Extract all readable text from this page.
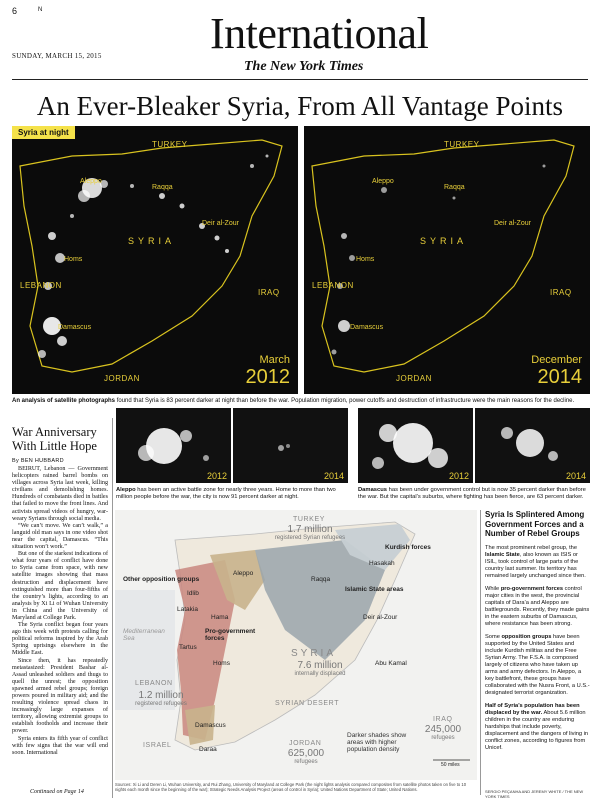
6	N	International
SUNDAY, MARCH 15, 2015
The New York Times
An Ever-Bleaker Syria, From All Vantage Points
Syria at night
TURKEY
Aleppo
Raqqa
Deir al-Zour
SYRIA
Homs
LEBANON
IRAQ
Damascus
JORDAN
March
2012
TURKEY
Aleppo
Raqqa
Deir al-Zour
SYRIA
Homs
LEBANON
IRAQ
Damascus
JORDAN
December
2014
An analysis of satellite photographs found that Syria is 83 percent darker at night than before the war. Population migration, power cutoffs and destruction of infrastructure were the main reasons for the decline.
War Anniversary With Little Hope
By BEN HUBBARD

BEIRUT, Lebanon — Government helicopters rained barrel bombs on villages across Syria last week, killing civilians and demolishing homes. Hundreds of combatants died in battles that failed to move the front lines. And activists spread videos of hungry, war-weary Syrians through social media.

“We can’t move. We can’t walk,” a languid old man says in one video shot near the capital, Damascus. “This situation won’t work.”

But one of the starkest indications of what four years of conflict have done to Syria came from space, with new satellite images showing that mass destruction and displacement have extinguished more than four-fifths of the country’s lights, according to an analysis by Xi Li of Wuhan University in China and the University of Maryland at College Park.

The Syria conflict began four years ago this week with protests calling for political reforms inspired by the Arab Spring uprisings elsewhere in the Middle East.

Since then, it has repeatedly metastasized: President Bashar al-Assad unleashed soldiers and thugs to quell the unrest; the opposition spawned armed rebel groups; foreign powers poured in military aid; and the resulting violence spread chaos in increasingly large expanses of territory, allowing extremist groups to establish footholds and increase their power.

Syria enters its fifth year of conflict with few signs that the war will end soon. International

Continued on Page 14
2012	2014	2012	2014
Aleppo has been an active battle zone for nearly three years. Home to more than two million people before the war, the city is now 91 percent darker at night.
Damascus has been under government control but is now 35 percent darker than before the war. But the capital’s suburbs, where fighting has been fierce, are 63 percent darker.
TURKEY
1.7 million
registered Syrian refugees
Other opposition groups
Kurdish forces
Hasakah
Aleppo
Raqqa
Islamic State areas
Deir al-Zour
Pro-government forces
Homs	Abu Kamal
Idlib
Hama
Latakia
Tartus
Damascus
Daraa
Mediterranean Sea
SYRIA
7.6 million
internally displaced
SYRIAN DESERT
LEBANON
1.2 million
registered refugees
IRAQ
245,000
refugees
Darker shades show areas with higher population density
ISRAEL	JORDAN
625,000
refugees	50 miles
Sources: Xi Li and Deren Li, Wuhan University, and Rui Zhang, University of Maryland at College Park (the night lights analysis compared composites from satellite photos taken on five to 10 nights each month since the beginning of the war); Strategic Needs Analysis Project (areas of control in Syria); United Nations Department of State; United Nations.
Syria Is Splintered Among Government Forces and a Number of Rebel Groups

The most prominent rebel group, the Islamic State, also known as ISIS or ISIL, took control of large parts of the country last summer. Its territory has remained largely unchanged since then.

While pro-government forces control major cities in the west, the provincial capitals of Dara’a and Aleppo are battlegrounds. Recently, they made gains in the eastern suburbs of Damascus, where resistance has been strong.

Some opposition groups have been supported by the United States and include Kurdish militias and the Free Syrian Army. The F.S.A. is composed largely of citizens who have taken up arms and army defectors. In Aleppo, a key battlefront, these groups have collaborated with the Nusra Front, a U.S.-designated terrorist organization.

Half of Syria’s population has been displaced by the war. About 5.6 million children in the country are enduring hardships that include poverty, displacement and the dangers of living in conflict zones, according to figures from Unicef.

SERGIO PEÇANHA AND JEREMY WHITE / THE NEW YORK TIMES
